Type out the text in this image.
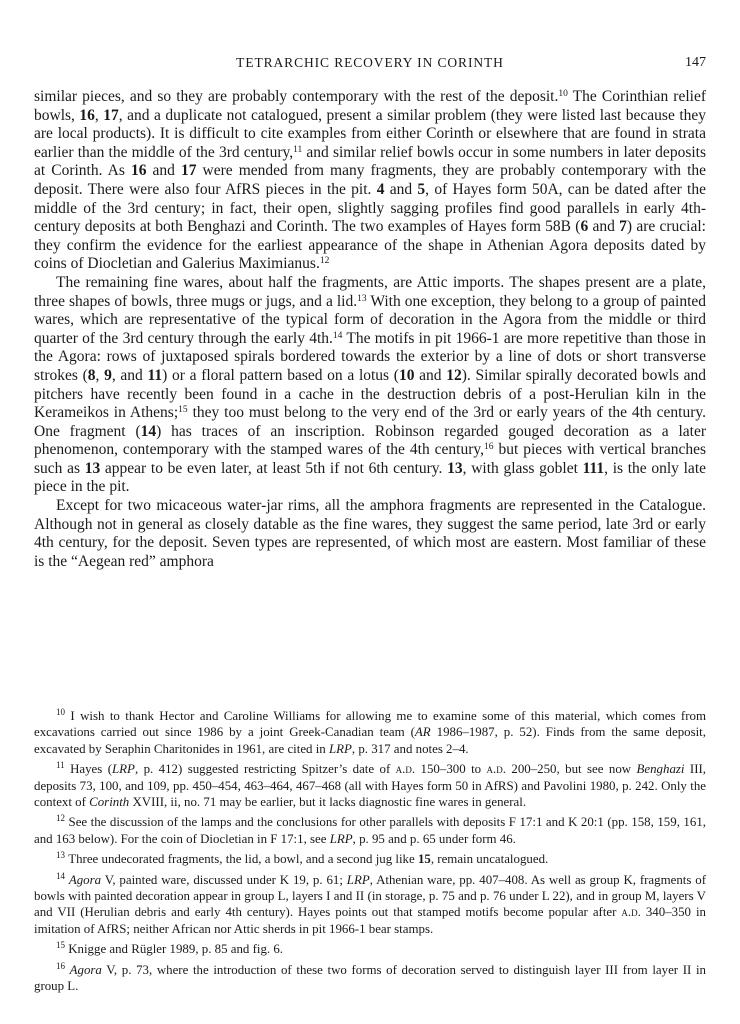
TETRARCHIC RECOVERY IN CORINTH	147

similar pieces, and so they are probably contemporary with the rest of the deposit.$^{10}$ The Corinthian relief bowls, 16, 17, and a duplicate not catalogued, present a similar problem (they were listed last because they are local products). It is difficult to cite examples from either Corinth or elsewhere that are found in strata earlier than the middle of the 3rd century,$^{11}$ and similar relief bowls occur in some numbers in later deposits at Corinth. As 16 and 17 were mended from many fragments, they are probably contemporary with the deposit. There were also four AfRS pieces in the pit. 4 and 5, of Hayes form 50A, can be dated after the middle of the 3rd century; in fact, their open, slightly sagging profiles find good parallels in early 4th-century deposits at both Benghazi and Corinth. The two examples of Hayes form 58B (6 and 7) are crucial: they confirm the evidence for the earliest appearance of the shape in Athenian Agora deposits dated by coins of Diocletian and Galerius Maximianus.$^{12}$

The remaining fine wares, about half the fragments, are Attic imports. The shapes present are a plate, three shapes of bowls, three mugs or jugs, and a lid.$^{13}$ With one exception, they belong to a group of painted wares, which are representative of the typical form of decoration in the Agora from the middle or third quarter of the 3rd century through the early 4th.$^{14}$ The motifs in pit 1966-1 are more repetitive than those in the Agora: rows of juxtaposed spirals bordered towards the exterior by a line of dots or short transverse strokes (8, 9, and 11) or a floral pattern based on a lotus (10 and 12). Similar spirally decorated bowls and pitchers have recently been found in a cache in the destruction debris of a post-Herulian kiln in the Kerameikos in Athens;$^{15}$ they too must belong to the very end of the 3rd or early years of the 4th century. One fragment (14) has traces of an inscription. Robinson regarded gouged decoration as a later phenomenon, contemporary with the stamped wares of the 4th century,$^{16}$ but pieces with vertical branches such as 13 appear to be even later, at least 5th if not 6th century. 13, with glass goblet 111, is the only late piece in the pit.

Except for two micaceous water-jar rims, all the amphora fragments are represented in the Catalogue. Although not in general as closely datable as the fine wares, they suggest the same period, late 3rd or early 4th century, for the deposit. Seven types are represented, of which most are eastern. Most familiar of these is the “Aegean red” amphora

$^{10}$ I wish to thank Hector and Caroline Williams for allowing me to examine some of this material, which comes from excavations carried out since 1986 by a joint Greek-Canadian team (AR 1986–1987, p. 52). Finds from the same deposit, excavated by Seraphin Charitonides in 1961, are cited in LRP, p. 317 and notes 2–4.

$^{11}$ Hayes (LRP, p. 412) suggested restricting Spitzer’s date of a.d. 150–300 to a.d. 200–250, but see now Benghazi III, deposits 73, 100, and 109, pp. 450–454, 463–464, 467–468 (all with Hayes form 50 in AfRS) and Pavolini 1980, p. 242. Only the context of Corinth XVIII, ii, no. 71 may be earlier, but it lacks diagnostic fine wares in general.

$^{12}$ See the discussion of the lamps and the conclusions for other parallels with deposits F 17:1 and K 20:1 (pp. 158, 159, 161, and 163 below). For the coin of Diocletian in F 17:1, see LRP, p. 95 and p. 65 under form 46.

$^{13}$ Three undecorated fragments, the lid, a bowl, and a second jug like 15, remain uncatalogued.

$^{14}$ Agora V, painted ware, discussed under K 19, p. 61; LRP, Athenian ware, pp. 407–408. As well as group K, fragments of bowls with painted decoration appear in group L, layers I and II (in storage, p. 75 and p. 76 under L 22), and in group M, layers V and VII (Herulian debris and early 4th century). Hayes points out that stamped motifs become popular after a.d. 340–350 in imitation of AfRS; neither African nor Attic sherds in pit 1966-1 bear stamps.

$^{15}$ Knigge and Rügler 1989, p. 85 and fig. 6.

$^{16}$ Agora V, p. 73, where the introduction of these two forms of decoration served to distinguish layer III from layer II in group L.
